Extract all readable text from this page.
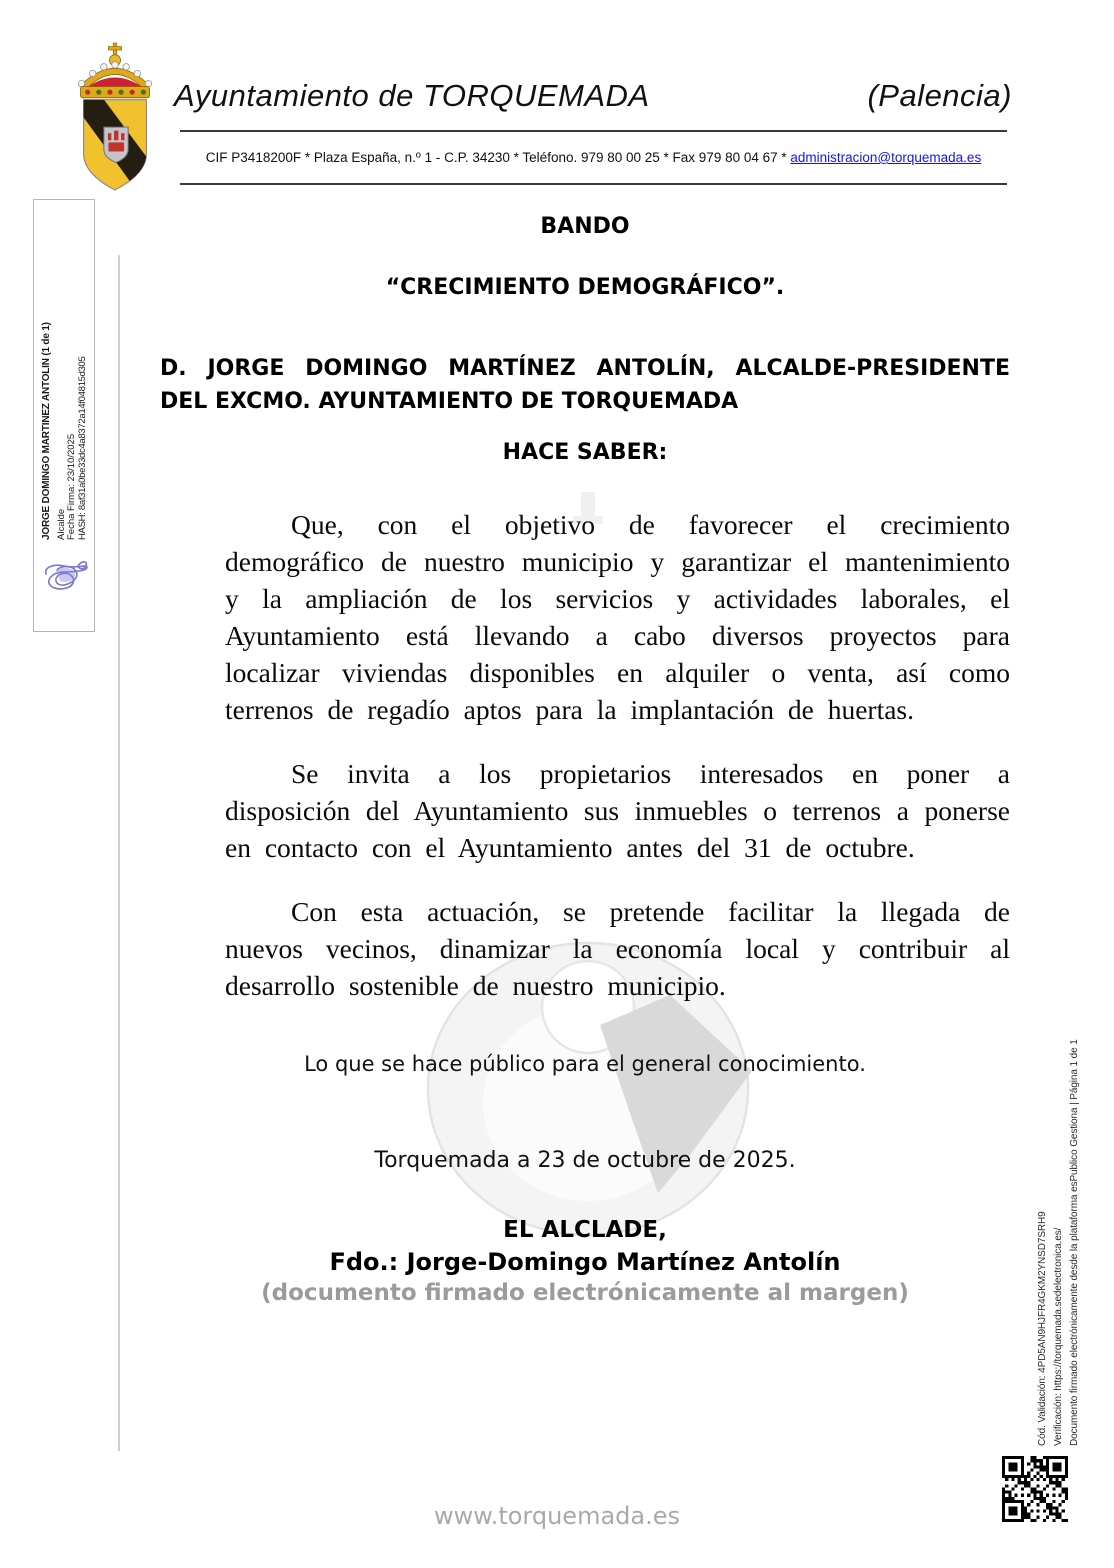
Ayuntamiento de TORQUEMADA	(Palencia)
CIF P3418200F * Plaza España, n.º 1 - C.P. 34230 * Teléfono. 979 80 00 25 * Fax 979 80 04 67 * administracion@torquemada.es
JORGE DOMINGO MARTINEZ ANTOLIN (1 de 1) Alcalde Fecha Firma: 23/10/2025 HASH: 8af31a0be33dc4a8372a14f04815d305
BANDO
“CRECIMIENTO DEMOGRÁFICO”.
D. JORGE DOMINGO MARTÍNEZ ANTOLÍN, ALCALDE-PRESIDENTE
DEL EXCMO. AYUNTAMIENTO DE TORQUEMADA
HACE SABER:

Que, con el objetivo de favorecer el crecimiento demográfico de nuestro municipio y garantizar el mantenimiento y la ampliación de los servicios y actividades laborales, el Ayuntamiento está llevando a cabo diversos proyectos para localizar viviendas disponibles en alquiler o venta, así como terrenos de regadío aptos para la implantación de huertas.

Se invita a los propietarios interesados en poner a disposición del Ayuntamiento sus inmuebles o terrenos a ponerse en contacto con el Ayuntamiento antes del 31 de octubre.

Con esta actuación, se pretende facilitar la llegada de nuevos vecinos, dinamizar la economía local y contribuir al desarrollo sostenible de nuestro municipio.

Lo que se hace público para el general conocimiento.
Torquemada a 23 de octubre de 2025.
EL ALCLADE,
Fdo.: Jorge-Domingo Martínez Antolín
(documento firmado electrónicamente al margen)	Cód. Validación: 4PD5AN9HJFR4GKM2YNSD7SRH9 Verificación: https://torquemada.sedelectronica.es/ Documento firmado electrónicamente desde la plataforma esPublico Gestiona | Página 1 de 1
www.torquemada.es
